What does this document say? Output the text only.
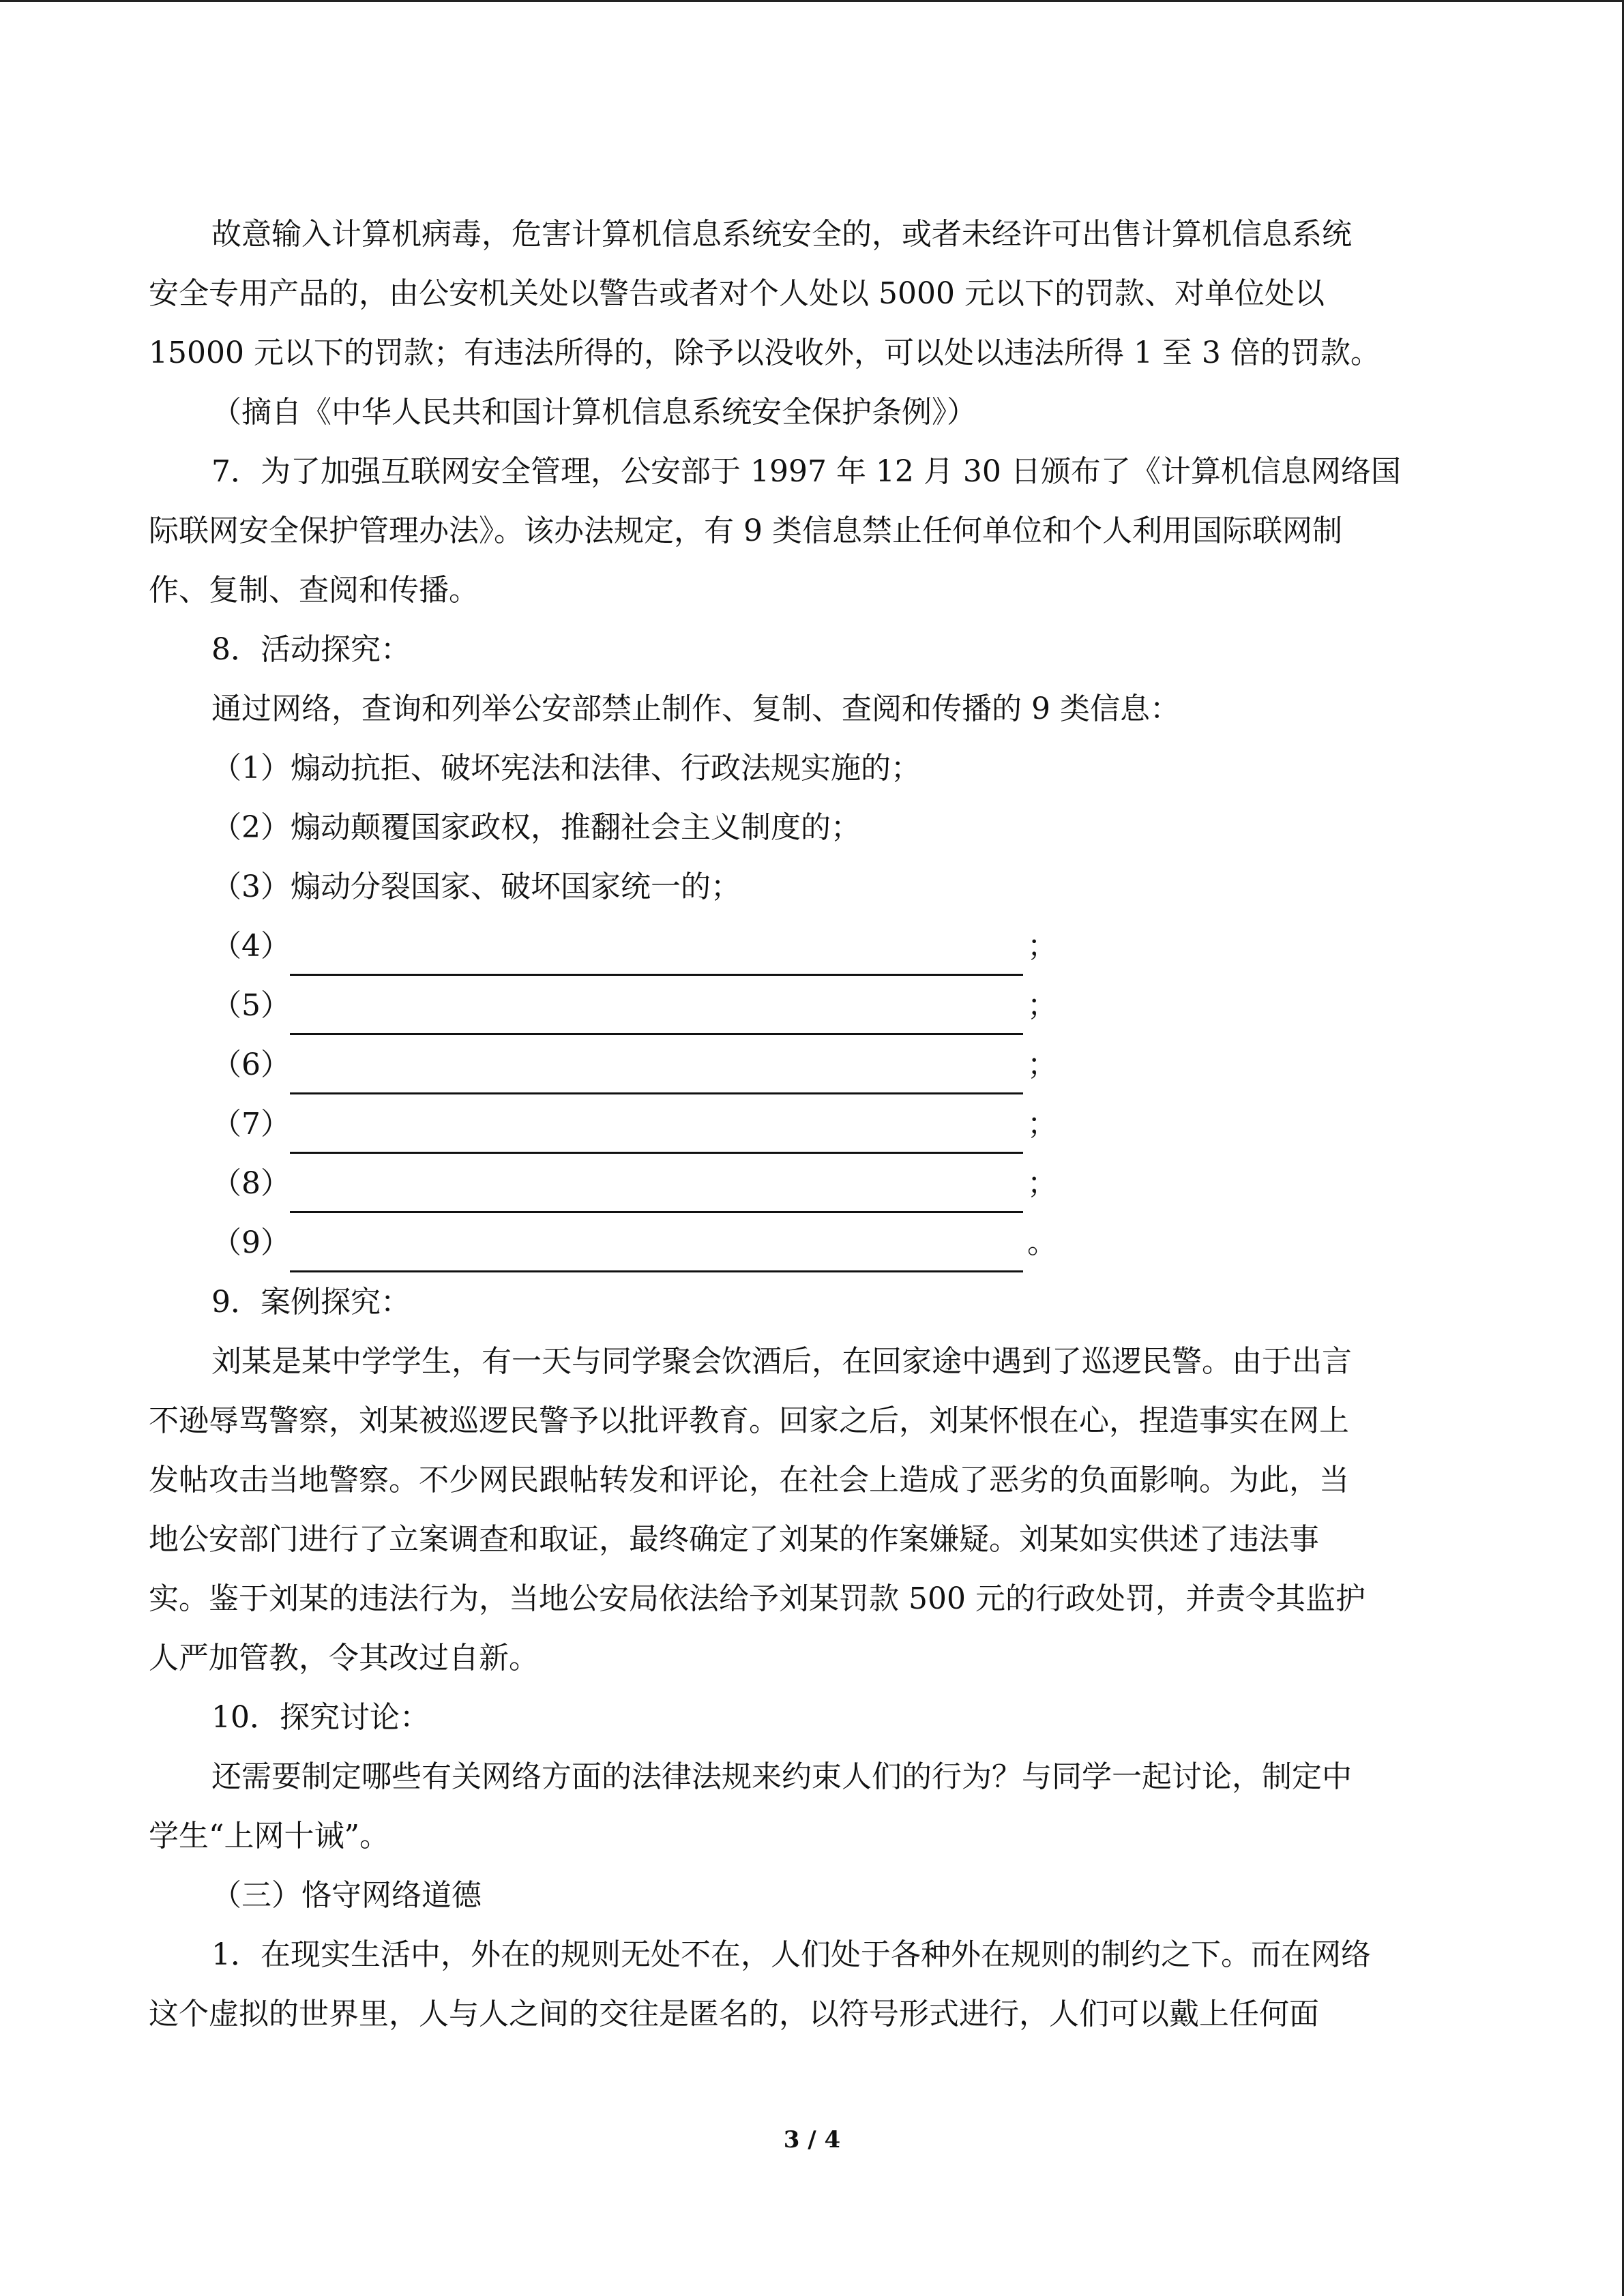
故意输入计算机病毒，危害计算机信息系统安全的，或者未经许可出售计算机信息系统

安全专用产品的，由公安机关处以警告或者对个人处以 5000 元以下的罚款、对单位处以

15000 元以下的罚款；有违法所得的，除予以没收外，可以处以违法所得 1 至 3 倍的罚款。

（摘自《中华人民共和国计算机信息系统安全保护条例》）

7．为了加强互联网安全管理，公安部于 1997 年 12 月 30 日颁布了《计算机信息网络国

际联网安全保护管理办法》。该办法规定，有 9 类信息禁止任何单位和个人利用国际联网制

作、复制、查阅和传播。

8．活动探究：

通过网络，查询和列举公安部禁止制作、复制、查阅和传播的 9 类信息：

（1）煽动抗拒、破坏宪法和法律、行政法规实施的；

（2）煽动颠覆国家政权，推翻社会主义制度的；

（3）煽动分裂国家、破坏国家统一的；

（4）	；
（5）	；
（6）	；
（7）	；
（8）	；
（9）	。

9．案例探究：

刘某是某中学学生，有一天与同学聚会饮酒后，在回家途中遇到了巡逻民警。由于出言

不逊辱骂警察，刘某被巡逻民警予以批评教育。回家之后，刘某怀恨在心，捏造事实在网上

发帖攻击当地警察。不少网民跟帖转发和评论，在社会上造成了恶劣的负面影响。为此，当

地公安部门进行了立案调查和取证，最终确定了刘某的作案嫌疑。刘某如实供述了违法事

实。鉴于刘某的违法行为，当地公安局依法给予刘某罚款 500 元的行政处罚，并责令其监护

人严加管教，令其改过自新。

10．探究讨论：

还需要制定哪些有关网络方面的法律法规来约束人们的行为？与同学一起讨论，制定中

学生“上网十诫”。

（三）恪守网络道德

1．在现实生活中，外在的规则无处不在，人们处于各种外在规则的制约之下。而在网络

这个虚拟的世界里，人与人之间的交往是匿名的，以符号形式进行，人们可以戴上任何面

3 / 4
